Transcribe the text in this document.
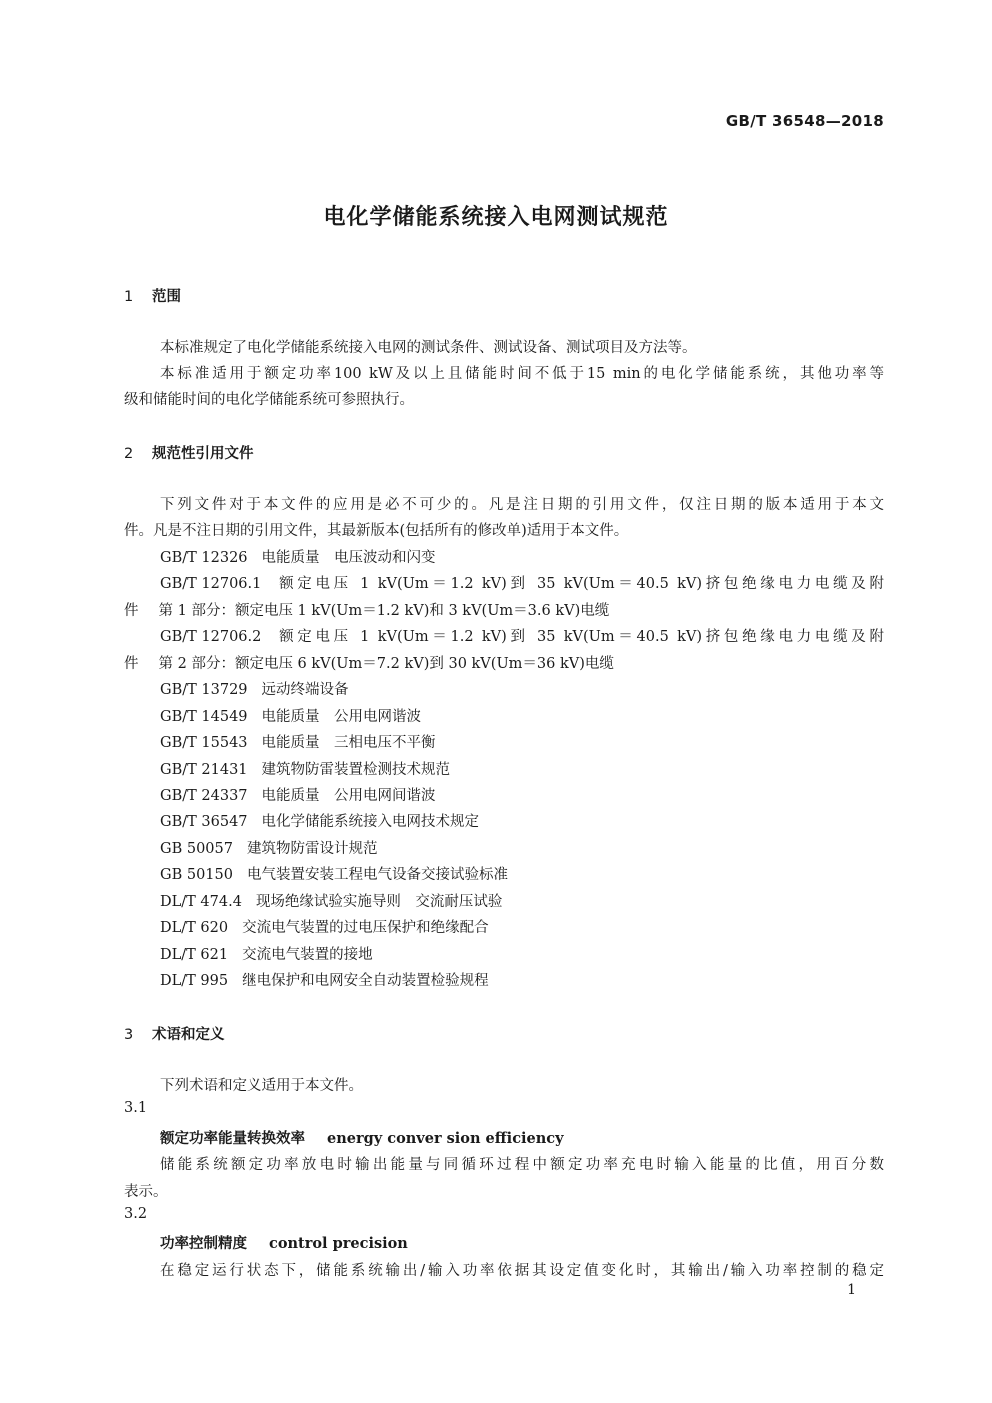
GB/T 36548—2018
电化学储能系统接入电网测试规范
1 范围
本标准规定了电化学储能系统接入电网的测试条件、测试设备、测试项目及方法等。
本标准适用于额定功率100 kW及以上且储能时间不低于15 min的电化学储能系统，其他功率等
级和储能时间的电化学储能系统可参照执行。
2 规范性引用文件
下列文件对于本文件的应用是必不可少的。凡是注日期的引用文件，仅注日期的版本适用于本文
件。凡是不注日期的引用文件，其最新版本(包括所有的修改单)适用于本文件。
GB/T 12326 电能质量　电压波动和闪变
GB/T 12706.1 额定电压 1 kV(Um＝1.2 kV)到 35 kV(Um＝40.5 kV)挤包绝缘电力电缆及附
件 第 1 部分：额定电压 1 kV(Um＝1.2 kV)和 3 kV(Um＝3.6 kV)电缆
GB/T 12706.2 额定电压 1 kV(Um＝1.2 kV)到 35 kV(Um＝40.5 kV)挤包绝缘电力电缆及附
件 第 2 部分：额定电压 6 kV(Um＝7.2 kV)到 30 kV(Um＝36 kV)电缆
GB/T 13729 远动终端设备
GB/T 14549 电能质量　公用电网谐波
GB/T 15543 电能质量　三相电压不平衡
GB/T 21431 建筑物防雷装置检测技术规范
GB/T 24337 电能质量　公用电网间谐波
GB/T 36547 电化学储能系统接入电网技术规定
GB 50057 建筑物防雷设计规范
GB 50150 电气装置安装工程电气设备交接试验标准
DL/T 474.4 现场绝缘试验实施导则　交流耐压试验
DL/T 620 交流电气装置的过电压保护和绝缘配合
DL/T 621 交流电气装置的接地
DL/T 995 继电保护和电网安全自动装置检验规程
3 术语和定义
下列术语和定义适用于本文件。
3.1
额定功率能量转换效率 energy conver sion efficiency
储能系统额定功率放电时输出能量与同循环过程中额定功率充电时输入能量的比值，用百分数
表示。
3.2
功率控制精度 control precision
在稳定运行状态下，储能系统输出/输入功率依据其设定值变化时，其输出/输入功率控制的稳定
1
